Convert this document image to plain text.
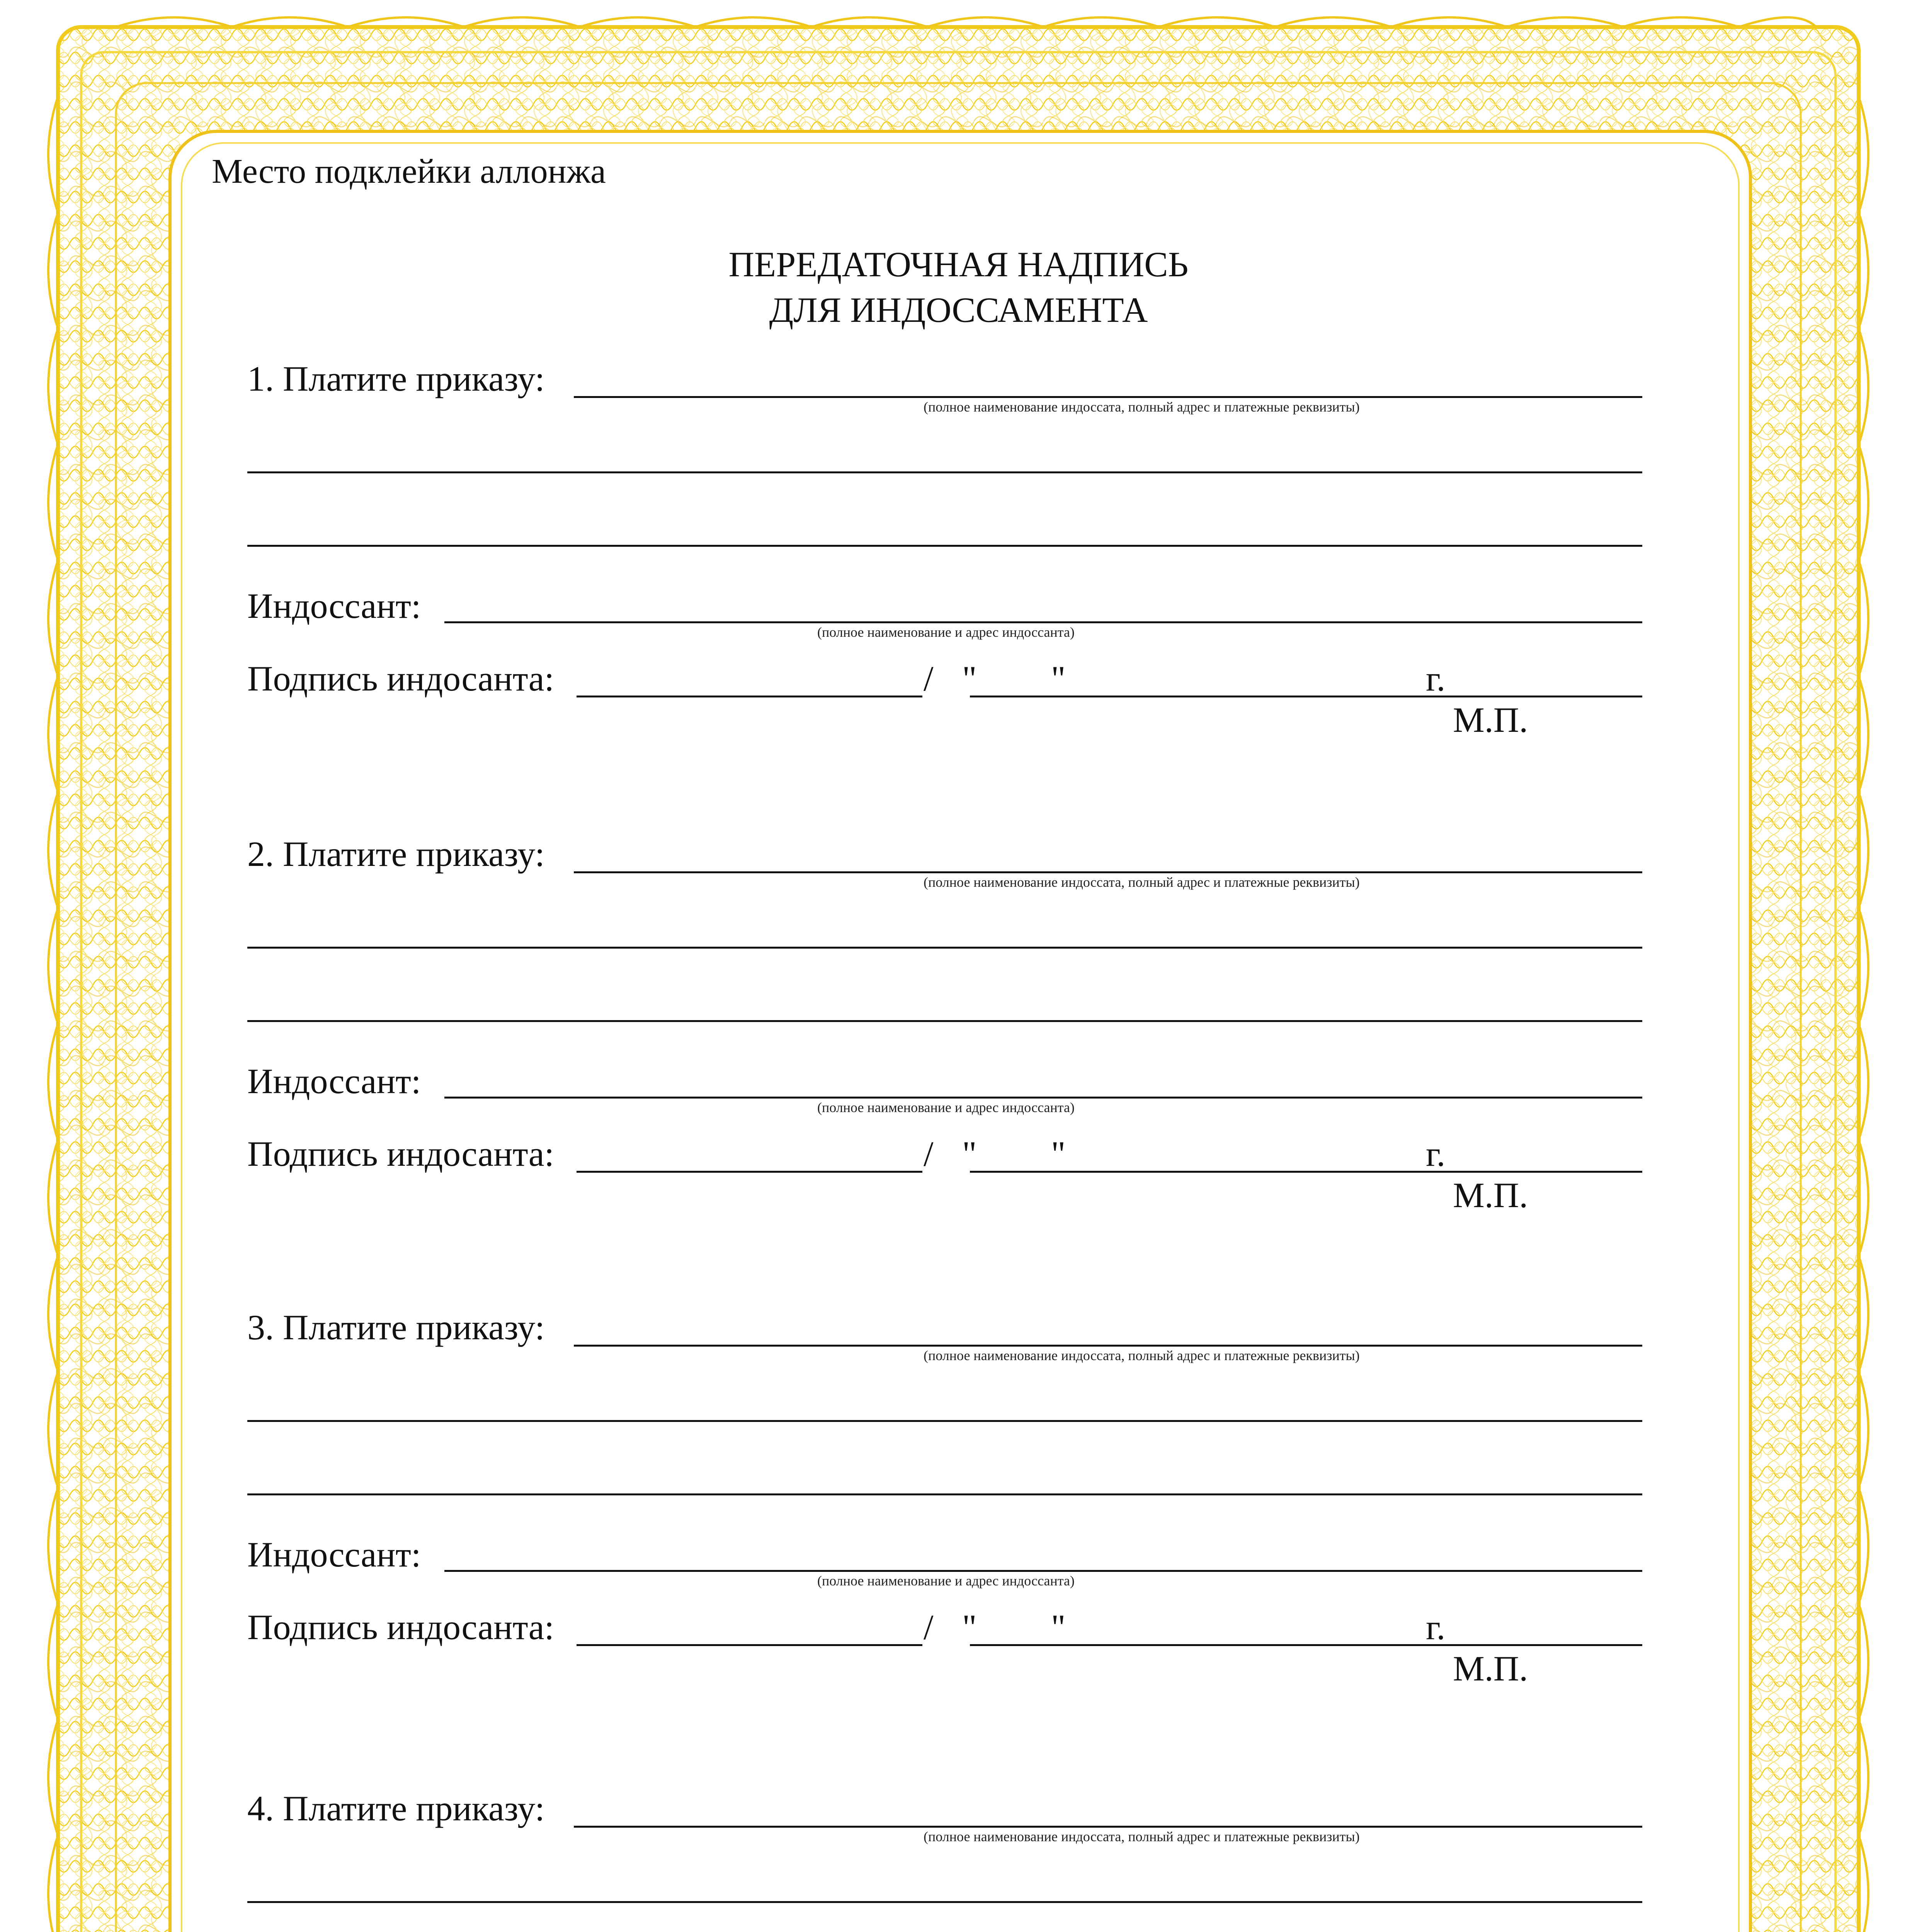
Место подклейки аллонжа
ПЕРЕДАТОЧНАЯ НАДПИСЬ
ДЛЯ ИНДОССАМЕНТА
1. Платите приказу:
(полное наименование индоссата, полный адрес и платежные реквизиты)
Индоссант:
(полное наименование и адрес индоссанта)
Подпись индосанта:	/ " "	г.
М.П.
2. Платите приказу:
(полное наименование индоссата, полный адрес и платежные реквизиты)
Индоссант:
(полное наименование и адрес индоссанта)
Подпись индосанта:	/ " "	г.
М.П.
3. Платите приказу:
(полное наименование индоссата, полный адрес и платежные реквизиты)
Индоссант:
(полное наименование и адрес индоссанта)
Подпись индосанта:	/ " "	г.
М.П.
4. Платите приказу:
(полное наименование индоссата, полный адрес и платежные реквизиты)
